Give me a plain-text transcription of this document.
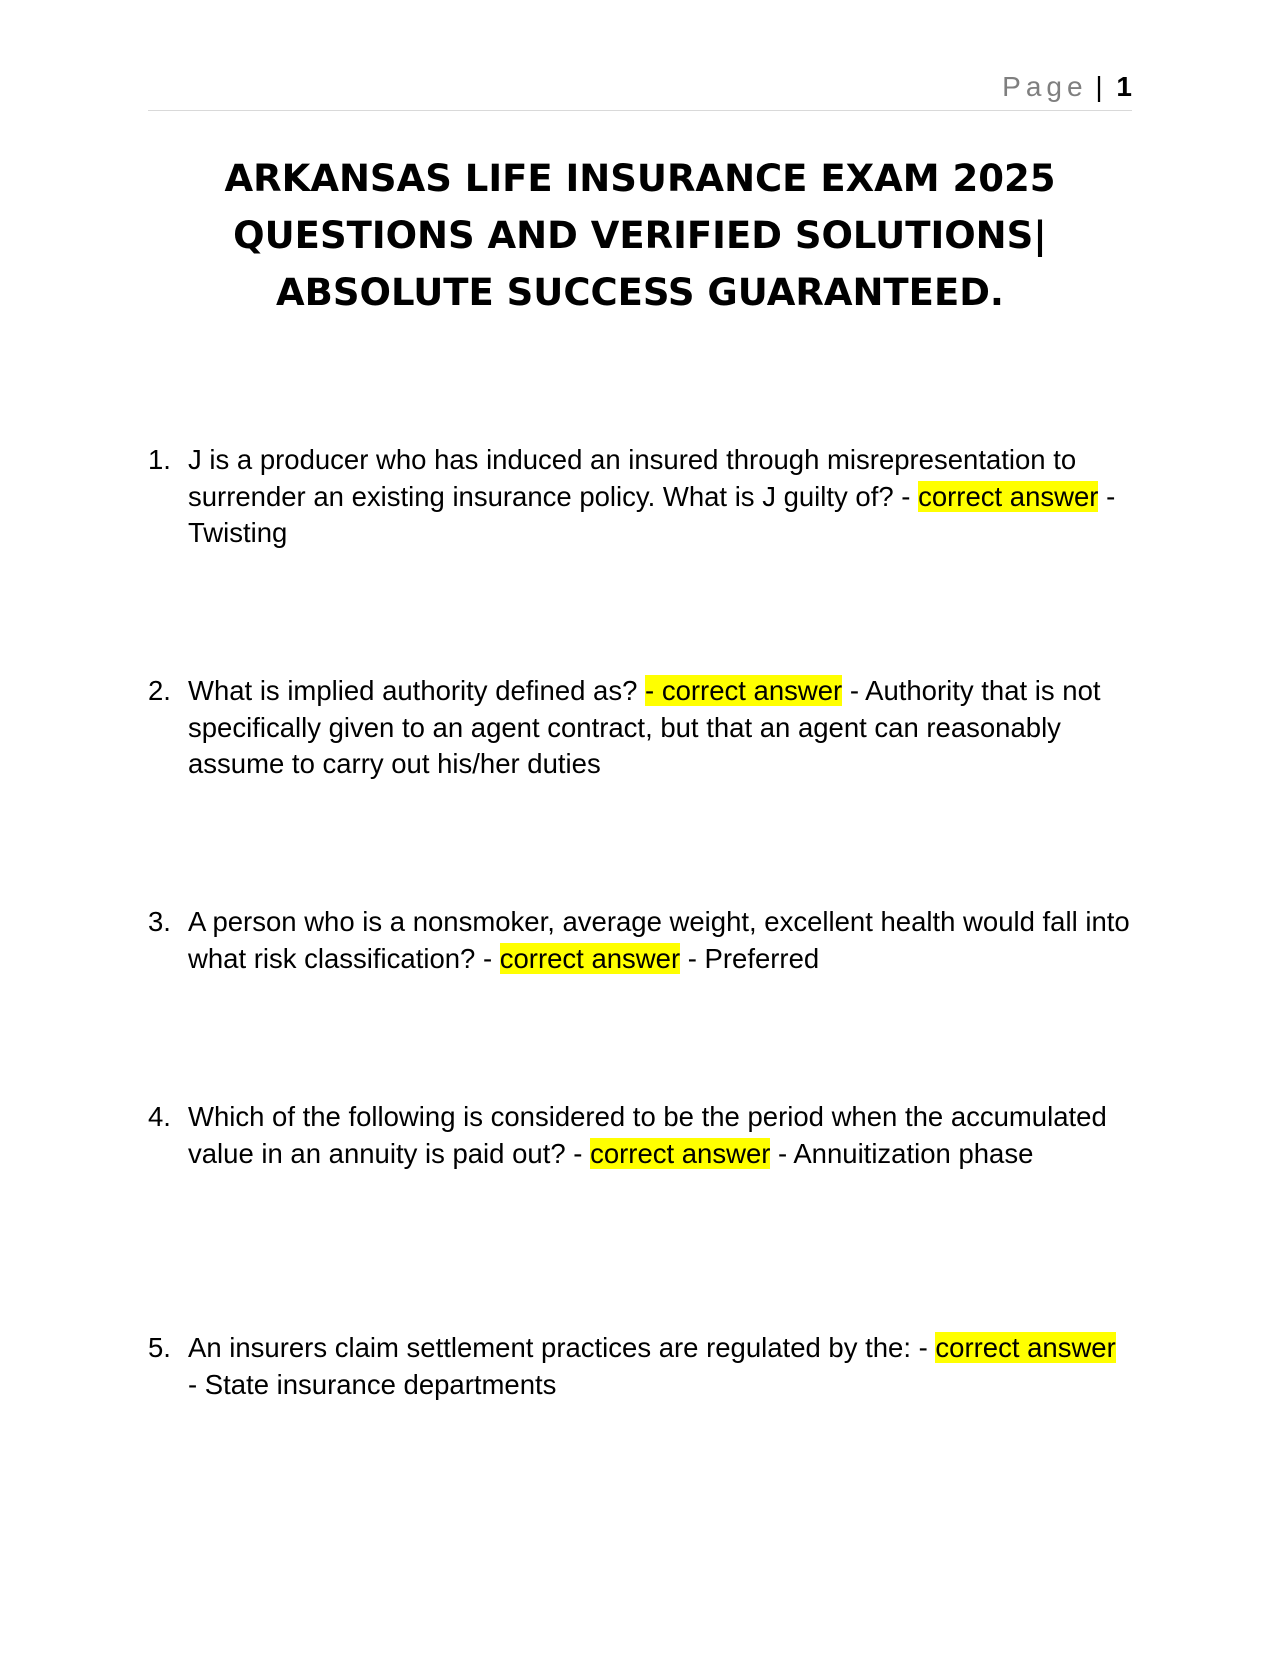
Page | 1
ARKANSAS LIFE INSURANCE EXAM 2025
QUESTIONS AND VERIFIED SOLUTIONS|
ABSOLUTE SUCCESS GUARANTEED.
1. J is a producer who has induced an insured through misrepresentation to surrender an existing insurance policy. What is J guilty of? - correct answer - Twisting
2. What is implied authority defined as? - correct answer - Authority that is not specifically given to an agent contract, but that an agent can reasonably assume to carry out his/her duties
3. A person who is a nonsmoker, average weight, excellent health would fall into what risk classification? - correct answer - Preferred
4. Which of the following is considered to be the period when the accumulated value in an annuity is paid out? - correct answer - Annuitization phase
5. An insurers claim settlement practices are regulated by the: - correct answer - State insurance departments
